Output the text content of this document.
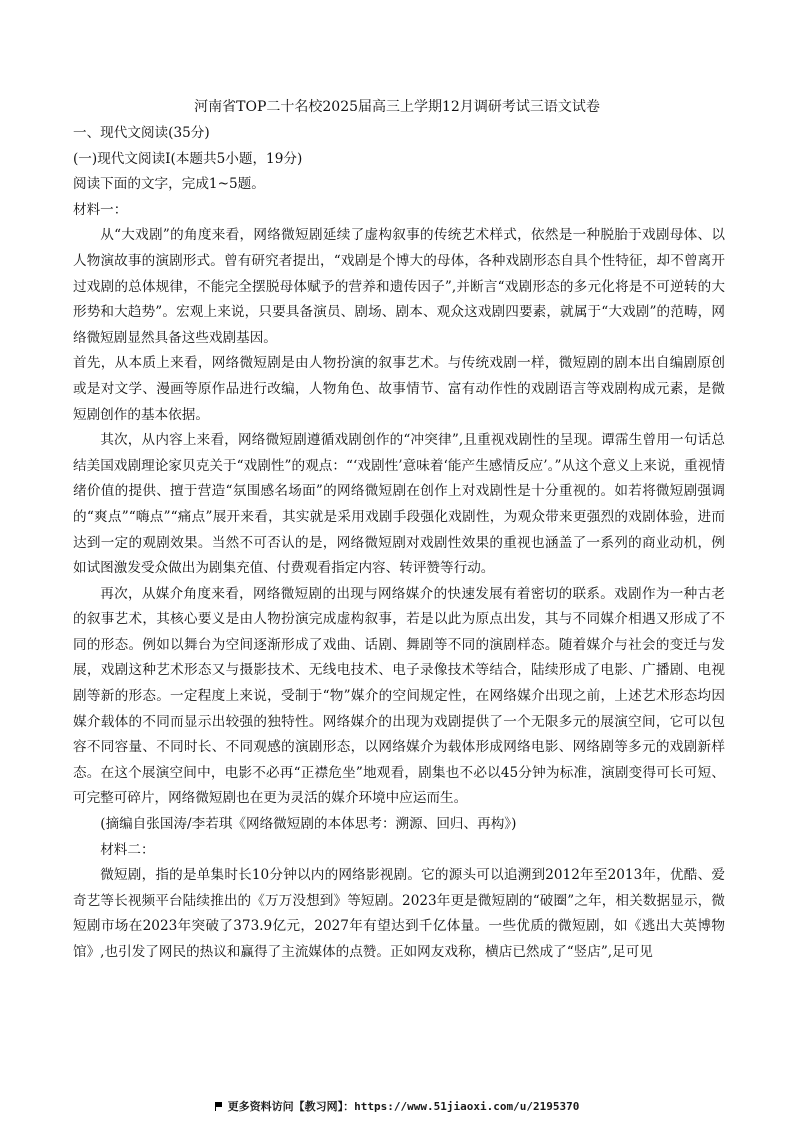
河南省TOP二十名校2025届高三上学期12月调研考试三语文试卷

一、现代文阅读(35分)

(一)现代文阅读I(本题共5小题，19分)

阅读下面的文字，完成1~5题。

材料一：

从“大戏剧”的角度来看，网络微短剧延续了虚构叙事的传统艺术样式，依然是一种脱胎于戏剧母体、以人物演故事的演剧形式。曾有研究者提出，“戏剧是个博大的母体，各种戏剧形态自具个性特征，却不曾离开过戏剧的总体规律，不能完全摆脱母体赋予的营养和遗传因子”,并断言“戏剧形态的多元化将是不可逆转的大形势和大趋势”。宏观上来说，只要具备演员、剧场、剧本、观众这戏剧四要素，就属于“大戏剧”的范畴，网络微短剧显然具备这些戏剧基因。

首先，从本质上来看，网络微短剧是由人物扮演的叙事艺术。与传统戏剧一样，微短剧的剧本出自编剧原创或是对文学、漫画等原作品进行改编，人物角色、故事情节、富有动作性的戏剧语言等戏剧构成元素，是微短剧创作的基本依据。

其次，从内容上来看，网络微短剧遵循戏剧创作的“冲突律”,且重视戏剧性的呈现。谭霈生曾用一句话总结美国戏剧理论家贝克关于“戏剧性”的观点：“‘戏剧性’意味着‘能产生感情反应’。”从这个意义上来说，重视情绪价值的提供、擅于营造“氛围感名场面”的网络微短剧在创作上对戏剧性是十分重视的。如若将微短剧强调的“爽点”“嗨点”“痛点”展开来看，其实就是采用戏剧手段强化戏剧性，为观众带来更强烈的戏剧体验，进而达到一定的观剧效果。当然不可否认的是，网络微短剧对戏剧性效果的重视也涵盖了一系列的商业动机，例如试图激发受众做出为剧集充值、付费观看指定内容、转评赞等行动。

再次，从媒介角度来看，网络微短剧的出现与网络媒介的快速发展有着密切的联系。戏剧作为一种古老的叙事艺术，其核心要义是由人物扮演完成虚构叙事，若是以此为原点出发，其与不同媒介相遇又形成了不同的形态。例如以舞台为空间逐渐形成了戏曲、话剧、舞剧等不同的演剧样态。随着媒介与社会的变迁与发展，戏剧这种艺术形态又与摄影技术、无线电技术、电子录像技术等结合，陆续形成了电影、广播剧、电视剧等新的形态。一定程度上来说，受制于“物”媒介的空间规定性，在网络媒介出现之前，上述艺术形态均因媒介载体的不同而显示出较强的独特性。网络媒介的出现为戏剧提供了一个无限多元的展演空间，它可以包容不同容量、不同时长、不同观感的演剧形态，以网络媒介为载体形成网络电影、网络剧等多元的戏剧新样态。在这个展演空间中，电影不必再“正襟危坐”地观看，剧集也不必以45分钟为标准，演剧变得可长可短、可完整可碎片，网络微短剧也在更为灵活的媒介环境中应运而生。

(摘编自张国涛/李若琪《网络微短剧的本体思考：溯源、回归、再构》)

材料二：

微短剧，指的是单集时长10分钟以内的网络影视剧。它的源头可以追溯到2012年至2013年，优酷、爱奇艺等长视频平台陆续推出的《万万没想到》等短剧。2023年更是微短剧的“破圈”之年，相关数据显示，微短剧市场在2023年突破了373.9亿元，2027年有望达到千亿体量。一些优质的微短剧，如《逃出大英博物馆》,也引发了网民的热议和赢得了主流媒体的点赞。正如网友戏称，横店已然成了“竖店”,足可见

更多资料访问【教习网】：https://www.51jiaoxi.com/u/2195370
